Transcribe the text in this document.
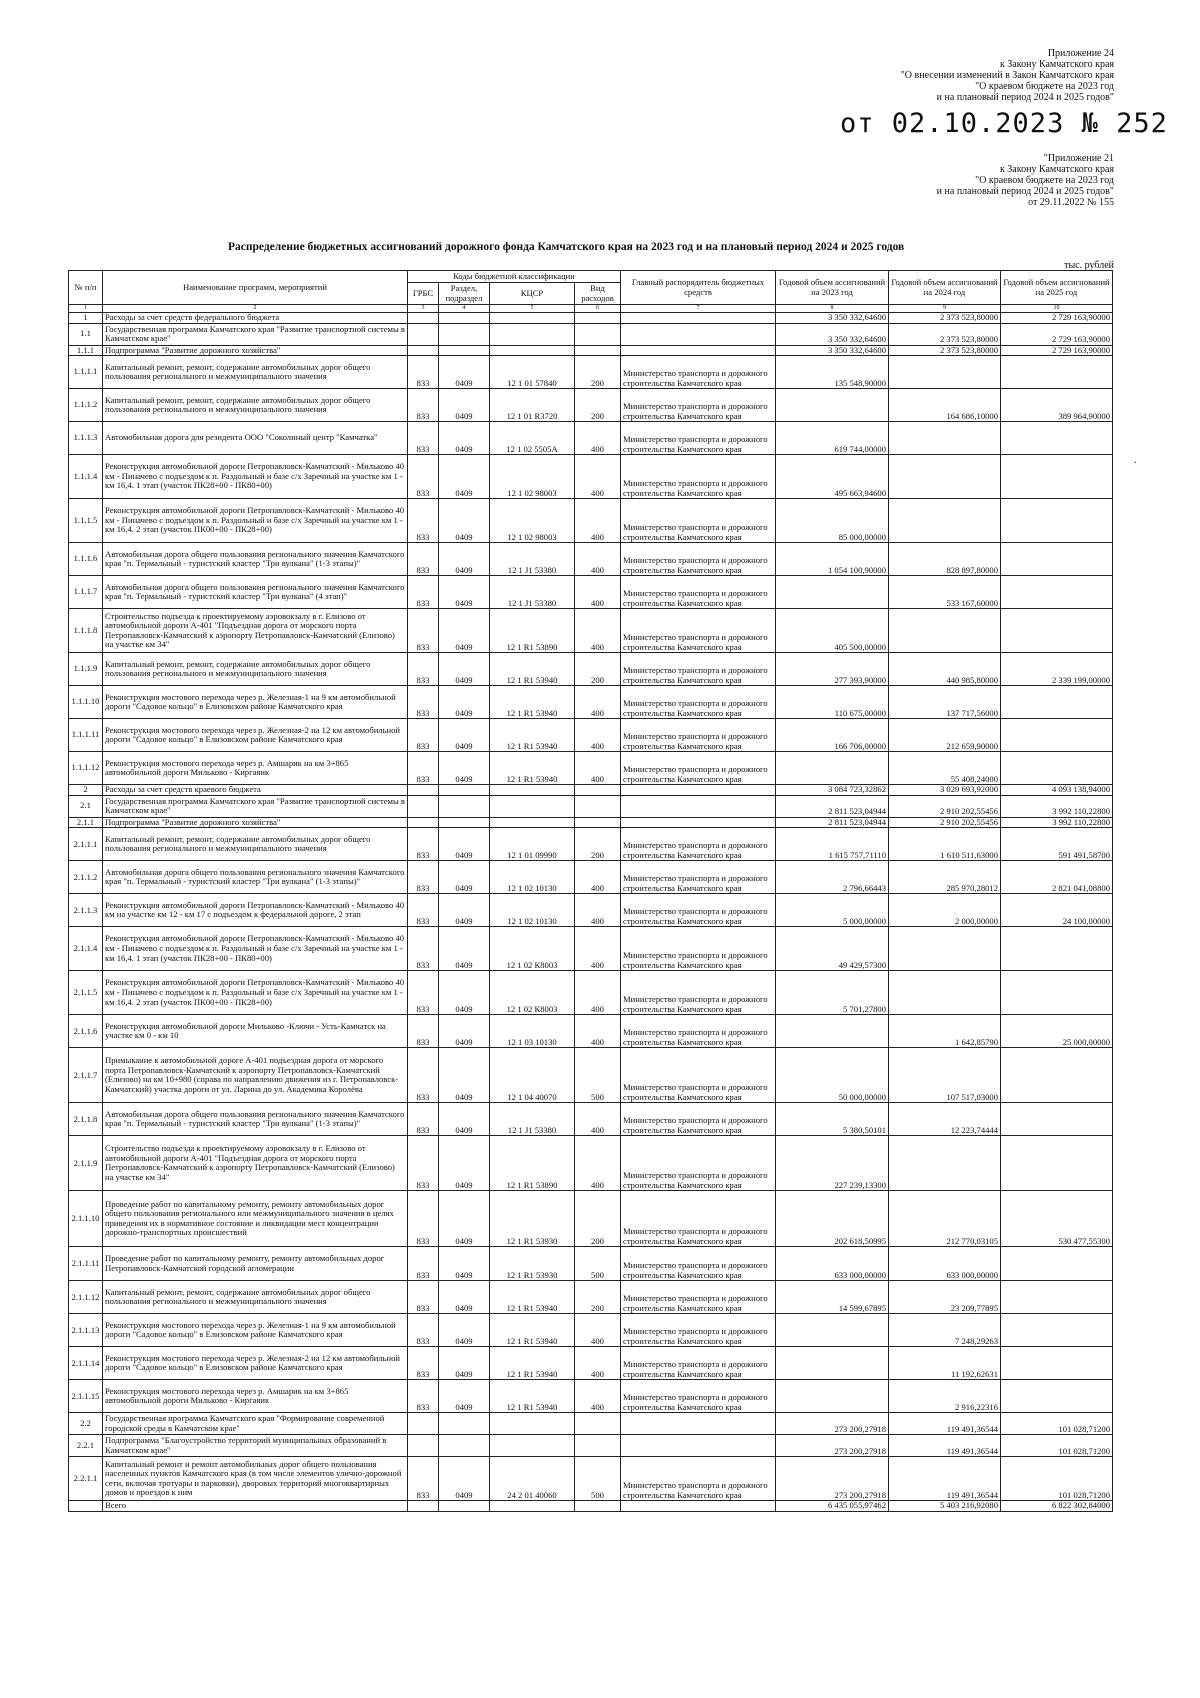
Приложение 24
к Закону Камчатского края
"О внесении изменений в Закон Камчатского края
"О краевом бюджете на 2023 год
и на плановый период 2024 и 2025 годов"
от 02.10.2023 № 252
"Приложение 21
к Закону Камчатского края
"О краевом бюджете на 2023 год
и на плановый период 2024 и 2025 годов"
от 29.11.2022 № 155
Распределение бюджетных ассигнований дорожного фонда Камчатского края на 2023 год и на плановый период 2024 и 2025 годов
тыс. рублей
№ п/п	Наименование программ, мероприятий	Коды бюджетной классификации				Главный распорядитель бюджетных средств	Годовой объем ассигнований на 2023 год	Годовой объем ассигнований на 2024 год	Годовой объем ассигнований на 2025 год
		ГРБС	Раздел, подраздел	КЦСР	Вид расходов				
1	2	3	4	5	6	7	8	9	10
1	Расходы за счет средств федерального бюджета						3 350 332,64600	2 373 523,80000	2 729 163,90000
1.1	Государственная программа Камчатского края "Развитие транспортной системы в Камчатском крае"						3 350 332,64600	2 373 523,80000	2 729 163,90000
1.1.1	Подпрограмма "Развитие дорожного хозяйства"						3 350 332,64600	2 373 523,80000	2 729 163,90000
1.1.1.1	Капитальный ремонт, ремонт, содержание автомобильных дорог общего пользования регионального и межмуниципального значения	833	0409	12 1 01 57840	200	Министерство транспорта и дорожного строительства Камчатского края	135 548,90000		
1.1.1.2	Капитальный ремонт, ремонт, содержание автомобильных дорог общего пользования регионального и межмуниципального значения	833	0409	12 1 01 R3720	200	Министерство транспорта и дорожного строительства Камчатского края		164 686,10000	389 964,90000
1.1.1.3	Автомобильная дорога для резидента ООО "Соколиный центр "Камчатка"	833	0409	12 1 02 5505А	400	Министерство транспорта и дорожного строительства Камчатского края	619 744,00000		
1.1.1.4	Реконструкция автомобильной дороги Петропавловск-Камчатский - Мильково 40 км - Пиначево с подъездом к п. Раздольный и базе с/х Заречный на участке км 1 - км 16,4. 1 этап (участок ПК28+00 - ПК80+00)	833	0409	12 1 02 98003	400	Министерство транспорта и дорожного строительства Камчатского края	495 663,94600		
1.1.1.5	Реконструкция автомобильной дороги Петропавловск-Камчатский - Мильково 40 км - Пиначево с подъездом к п. Раздольный и базе с/х Заречный на участке км 1 - км 16,4. 2 этап (участок ПК00+00 - ПК28+00)	833	0409	12 1 02 98003	400	Министерство транспорта и дорожного строительства Камчатского края	85 000,00000		
1.1.1.6	Автомобильная дорога общего пользования регионального значения Камчатского края "п. Термальный - туристский кластер "Три вулкана" (1-3 этапы)"	833	0409	12 1 J1 53380	400	Министерство транспорта и дорожного строительства Камчатского края	1 054 100,90000	828 897,80000	
1.1.1.7	Автомобильная дорога общего пользования регионального значения Камчатского края "п. Термальный - туристский кластер "Три вулкана" (4 этап)"	833	0409	12 1 J1 53380	400	Министерство транспорта и дорожного строительства Камчатского края		533 167,60000	
1.1.1.8	Строительство подъезда к проектируемому аэровокзалу в г. Елизово от автомобильной дороги А-401 "Подъездная дорога от морского порта Петропавловск-Камчатский к аэропорту Петропавловск-Камчатский (Елизово) на участке км 34"	833	0409	12 1 R1 53890	400	Министерство транспорта и дорожного строительства Камчатского края	405 500,00000		
1.1.1.9	Капитальный ремонт, ремонт, содержание автомобильных дорог общего пользования регионального и межмуниципального значения	833	0409	12 1 R1 53940	200	Министерство транспорта и дорожного строительства Камчатского края	277 393,90000	440 985,80000	2 339 199,00000
1.1.1.10	Реконструкция мостового перехода через р. Железная-1 на 9 км автомобильной дороги "Садовое кольцо" в Елизовском районе Камчатского края	833	0409	12 1 R1 53940	400	Министерство транспорта и дорожного строительства Камчатского края	110 675,00000	137 717,56000	
1.1.1.11	Реконструкция мостового перехода через р. Железная-2 на 12 км автомобильной дороги "Садовое кольцо" в Елизовском районе Камчатского края	833	0409	12 1 R1 53940	400	Министерство транспорта и дорожного строительства Камчатского края	166 706,00000	212 659,90000	
1.1.1.12	Реконструкция мостового перехода через р. Амшарик на км 3+865 автомобильной дороги Мильково - Киргаяик	833	0409	12 1 R1 53940	400	Министерство транспорта и дорожного строительства Камчатского края		55 408,24000	
2	Расходы за счет средств краевого бюджета						3 084 723,32862	3 029 693,92000	4 093 138,94000
2.1	Государственная программа Камчатского края "Развитие транспортной системы в Камчатском крае"						2 811 523,04944	2 910 202,55456	3 992 110,22800
2.1.1	Подпрограмма "Развитие дорожного хозяйства"						2 811 523,04944	2 910 202,55456	3 992 110,22800
2.1.1.1	Капитальный ремонт, ремонт, содержание автомобильных дорог общего пользования регионального и межмуниципального значения	833	0409	12 1 01 09990	200	Министерство транспорта и дорожного строительства Камчатского края	1 615 757,71110	1 610 511,63000	591 491,58700
2.1.1.2	Автомобильная дорога общего пользования регионального значения Камчатского края "п. Термальный - туристский кластер "Три вулкана" (1-3 этапы)"	833	0409	12 1 02 10130	400	Министерство транспорта и дорожного строительства Камчатского края	2 796,66443	285 970,28012	2 821 041,08800
2.1.1.3	Реконструкция автомобильной дороги Петропавловск-Камчатский - Мильково 40 км на участке км 12 - км 17 с подъездом к федеральной дороге, 2 этап	833	0409	12 1 02 10130	400	Министерство транспорта и дорожного строительства Камчатского края	5 000,00000	2 000,00000	24 100,00000
2.1.1.4	Реконструкция автомобильной дороги Петропавловск-Камчатский - Мильково 40 км - Пиначево с подъездом к п. Раздольный и базе с/х Заречный на участке км 1 - км 16,4. 1 этап (участок ПК28+00 - ПК80+00)	833	0409	12 1 02 К8003	400	Министерство транспорта и дорожного строительства Камчатского края	49 429,57300		
2.1.1.5	Реконструкция автомобильной дороги Петропавловск-Камчатский - Мильково 40 км - Пиначево с подъездом к п. Раздольный и базе с/х Заречный на участке км 1 - км 16,4. 2 этап (участок ПК00+00 - ПК28+00)	833	0409	12 1 02 К8003	400	Министерство транспорта и дорожного строительства Камчатского края	5 701,27800		
2.1.1.6	Реконструкция автомобильной дороги Мильково -Ключи - Усть-Камчатск на участке км 0 - км 10	833	0409	12 1 03 10130	400	Министерство транспорта и дорожного строительства Камчатского края		1 642,85790	25 000,00000
2.1.1.7	Примыкание к автомобильной дороге А-401 подъездная дорога от морского порта Петропавловск-Камчатский к аэропорту Петропавловск-Камчатский (Елизово) на км 10+980 (справа по направлению движения из г. Петропавловск-Камчатский) участка дороги от ул. Ларина до ул. Академика Королёва	833	0409	12 1 04 40070	500	Министерство транспорта и дорожного строительства Камчатского края	50 000,00000	107 517,03000	
2.1.1.8	Автомобильная дорога общего пользования регионального значения Камчатского края "п. Термальный - туристский кластер "Три вулкана" (1-3 этапы)"	833	0409	12 1 J1 53380	400	Министерство транспорта и дорожного строительства Камчатского края	5 380,50101	12 223,74444	
2.1.1.9	Строительство подъезда к проектируемому аэровокзалу в г. Елизово от автомобильной дороги А-401 "Подъездная дорога от морского порта Петропавловск-Камчатский к аэропорту Петропавловск-Камчатский (Елизово) на участке км 34"	833	0409	12 1 R1 53890	400	Министерство транспорта и дорожного строительства Камчатского края	227 239,13300		
2.1.1.10	Проведение работ по капитальному ремонту, ремонту автомобильных дорог общего пользования регионального или межмуниципального значения в целях приведения их в нормативное состояние и ликвидации мест концентрации дорожно-транспортных происшествий	833	0409	12 1 R1 53930	200	Министерство транспорта и дорожного строительства Камчатского края	202 618,50995	212 770,03105	530 477,55300
2.1.1.11	Проведение работ по капитальному ремонту, ремонту автомобильных дорог Петропавловск-Камчатской городской агломерации	833	0409	12 1 R1 53930	500	Министерство транспорта и дорожного строительства Камчатского края	633 000,00000	633 000,00000	
2.1.1.12	Капитальный ремонт, ремонт, содержание автомобильных дорог общего пользования регионального и межмуниципального значения	833	0409	12 1 R1 53940	200	Министерство транспорта и дорожного строительства Камчатского края	14 599,67895	23 209,77895	
2.1.1.13	Реконструкция мостового перехода через р. Железная-1 на 9 км автомобильной дороги "Садовое кольцо" в Елизовском районе Камчатского края	833	0409	12 1 R1 53940	400	Министерство транспорта и дорожного строительства Камчатского края		7 248,29263	
2.1.1.14	Реконструкция мостового перехода через р. Железная-2 на 12 км автомобильной дороги "Садовое кольцо" в Елизовском районе Камчатского края	833	0409	12 1 R1 53940	400	Министерство транспорта и дорожного строительства Камчатского края		11 192,62631	
2.1.1.15	Реконструкция мостового перехода через р. Амшарик на км 3+865 автомобильной дороги Мильково - Киргаяик	833	0409	12 1 R1 53940	400	Министерство транспорта и дорожного строительства Камчатского края		2 916,22316	
2.2	Государственная программа Камчатского края "Формирование современной городской среды в Камчатском крае"						273 200,27918	119 491,36544	101 028,71200
2.2.1	Подпрограмма "Благоустройство территорий муниципальных образований в Камчатском крае"						273 200,27918	119 491,36544	101 028,71200
2.2.1.1	Капитальный ремонт и ремонт автомобильных дорог общего пользования населенных пунктов Камчатского края (в том числе элементов улично-дорожной сети, включая тротуары и парковки), дворовых территорий многоквартирных домов и проездов к ним	833	0409	24 2 01 40060	500	Министерство транспорта и дорожного строительства Камчатского края	273 200,27918	119 491,36544	101 028,71200
	Всего						6 435 055,97462	5 403 216,92080	6 822 302,84000
.
